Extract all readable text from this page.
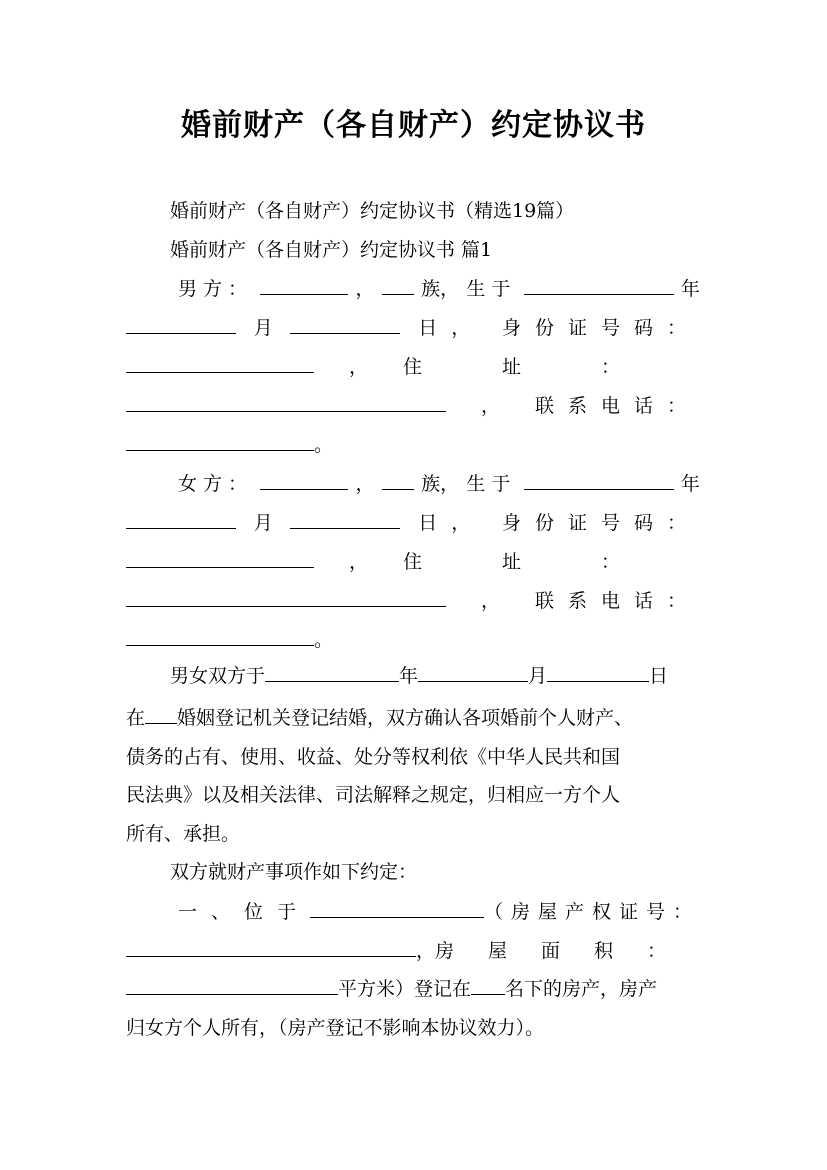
婚前财产（各自财产）约定协议书
婚前财产（各自财产）约定协议书（精选19篇）
婚前财产（各自财产）约定协议书 篇1
男方：	， 族， 生于	年
月	日， 身份证号码：
， 住址：
， 联系电话：
。
女方：	， 族， 生于	年
月	日， 身份证号码：
， 住址：
， 联系电话：
。
男女双方于	年	月	日
在 婚姻登记机关登记结婚，双方确认各项婚前个人财产、
债务的占有、使用、收益、处分等权利依《中华人民共和国
民法典》以及相关法律、司法解释之规定，归相应一方个人
所有、承担。
双方就财产事项作如下约定：
一、 位于	（房屋产权证号：
， 房屋面积：
平方米）登记在 名下的房产，房产
归女方个人所有，（房产登记不影响本协议效力）。
